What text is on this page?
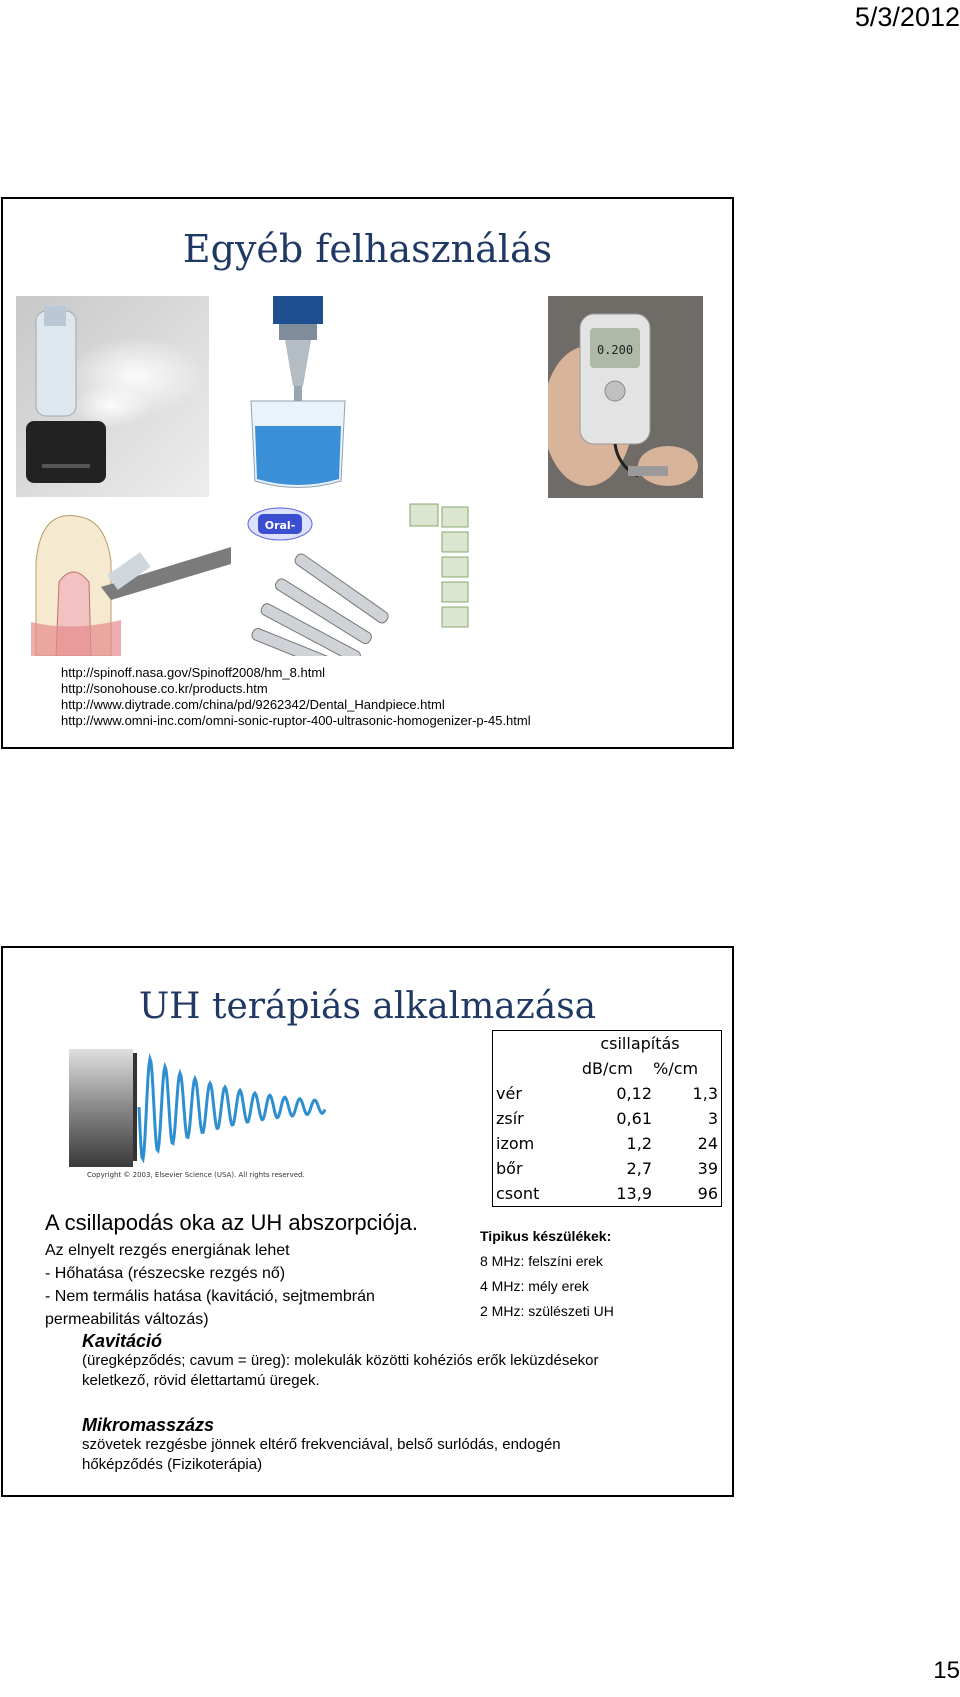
5/3/2012
Egyéb felhasználás
0.200
Oral-
http://spinoff.nasa.gov/Spinoff2008/hm_8.html
http://sonohouse.co.kr/products.htm
http://www.diytrade.com/china/pd/9262342/Dental_Handpiece.html
http://www.omni-inc.com/omni-sonic-ruptor-400-ultrasonic-homogenizer-p-45.html
UH terápiás alkalmazása
Copyright © 2003, Elsevier Science (USA). All rights reserved.
	csillapítás	
	dB/cm    %/cm	
vér	0,12	1,3
zsír	0,61	3
izom	1,2	24
bőr	2,7	39
csont	13,9	96
A csillapodás oka az UH abszorpciója.
Az elnyelt rezgés energiának lehet
- Hőhatása (részecske rezgés nő)
- Nem termális hatása (kavitáció, sejtmembrán
permeabilitás változás)
Tipikus készülékek:
8 MHz: felszíni erek
4 MHz: mély erek
2 MHz: szülészeti UH
Kavitáció
(üregképződés; cavum = üreg): molekulák közötti kohéziós erők leküzdésekor
keletkező, rövid élettartamú üregek.
Mikromasszázs
szövetek rezgésbe jönnek eltérő frekvenciával, belső surlódás, endogén
hőképződés (Fizikoterápia)
15
